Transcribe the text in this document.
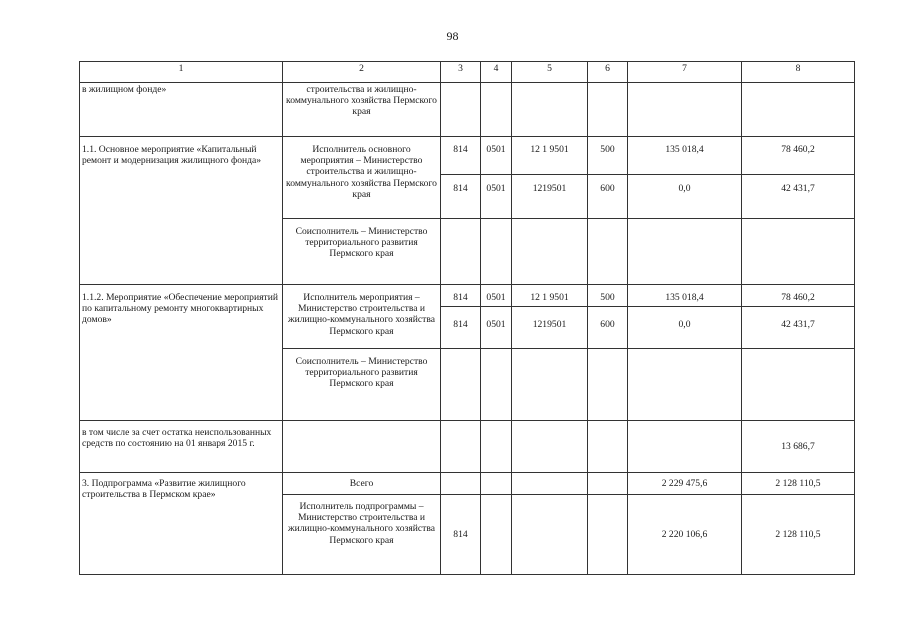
98
1	2	3	4	5	6	7	8
в жилищном фонде»	строительства и жилищно-коммунального хозяйства Пермского края						
1.1. Основное мероприятие «Капитальный ремонт и модернизация жилищного фонда»	Исполнитель основного мероприятия – Министерство строительства и жилищно-коммунального хозяйства Пермского края	814	0501	12 1 9501	500	135 018,4	78 460,2
		814	0501	1219501	600	0,0	42 431,7
	Соисполнитель – Министерство территориального развития Пермского края						
1.1.2. Мероприятие «Обеспечение мероприятий по капитальному ремонту многоквартирных домов»	Исполнитель мероприятия – Министерство строительства и жилищно-коммунального хозяйства Пермского края	814	0501	12 1 9501	500	135 018,4	78 460,2
		814	0501	1219501	600	0,0	42 431,7
	Соисполнитель – Министерство территориального развития Пермского края						
в том числе за счет остатка неиспользованных средств по состоянию на 01 января 2015 г.							13 686,7
3. Подпрограмма «Развитие жилищного строительства в Пермском крае»	Всего					2 229 475,6	2 128 110,5
	Исполнитель подпрограммы – Министерство строительства и жилищно-коммунального хозяйства Пермского края	814				2 220 106,6	2 128 110,5
